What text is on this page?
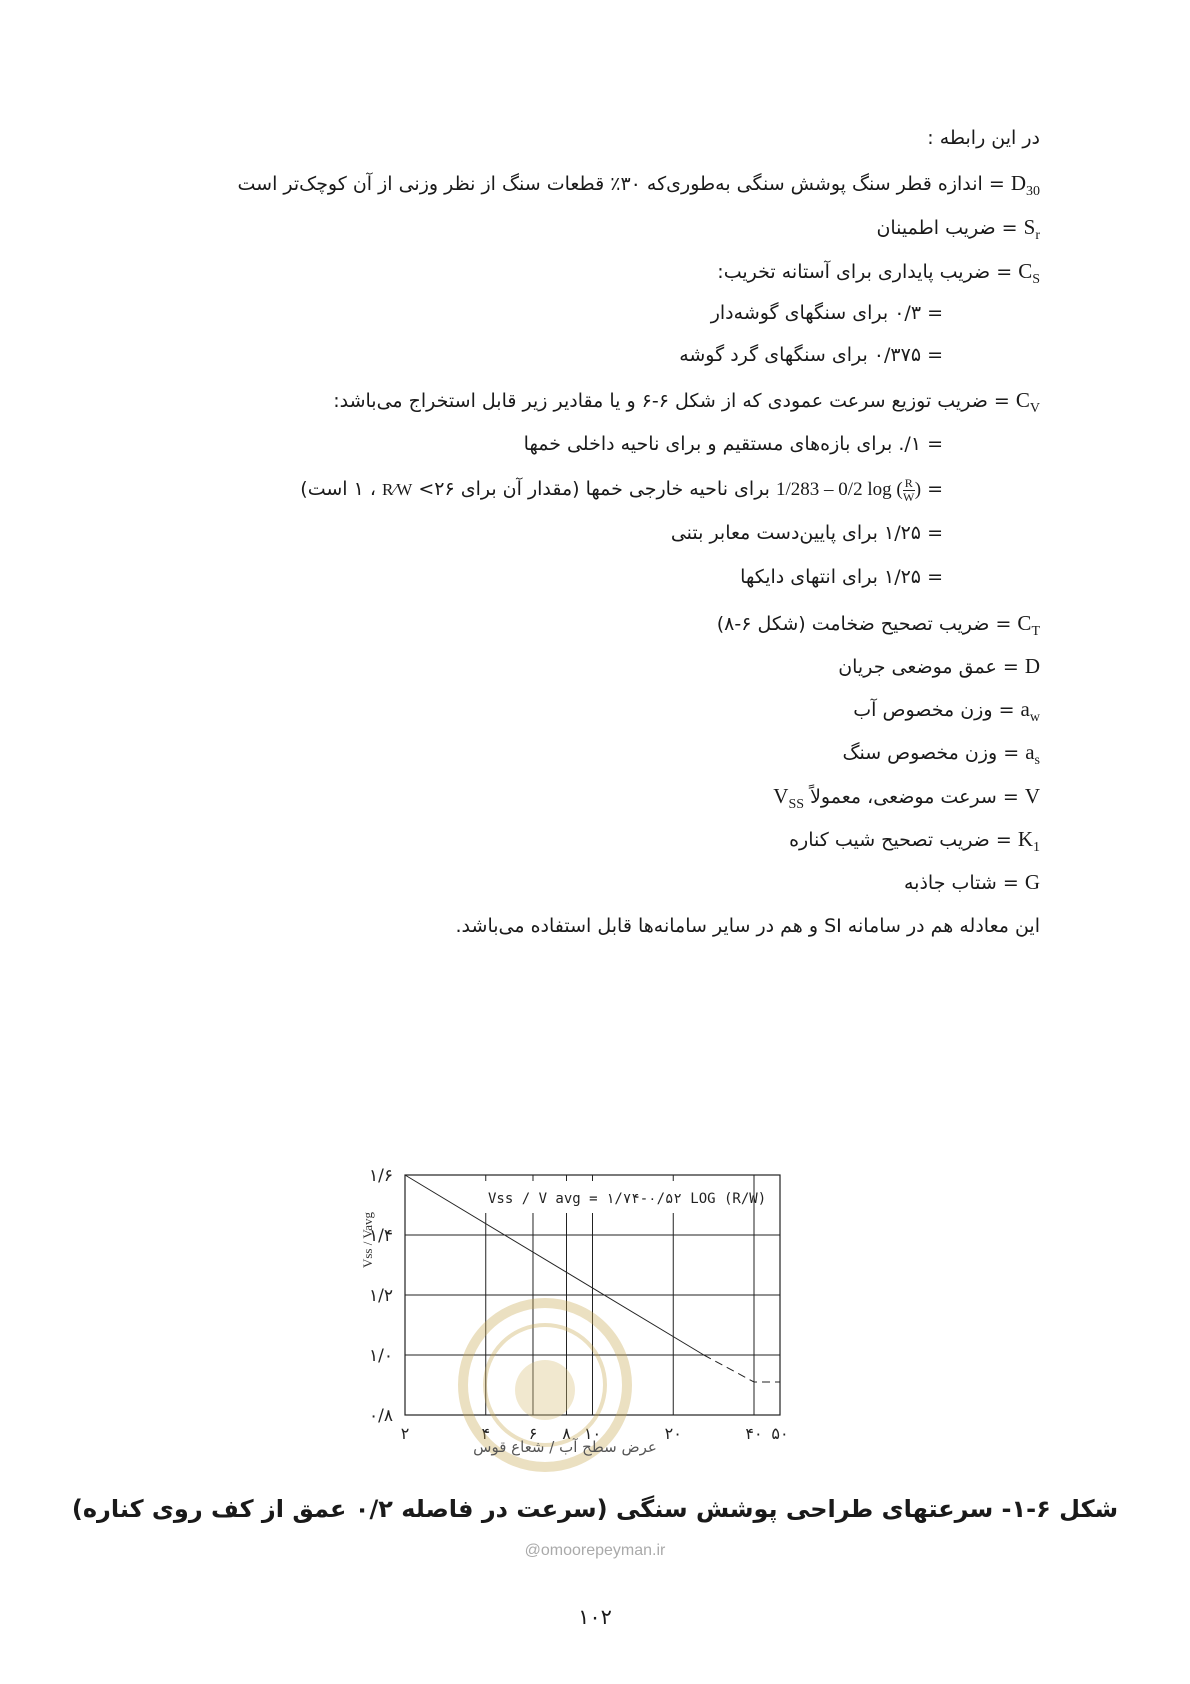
در این رابطه :
$D_{30}$ = اندازه قطر سنگ پوشش سنگی به‌طوری‌که ۳۰٪ قطعات سنگ از نظر وزنی از آن کوچک‌تر است
$S_r$ = ضریب اطمینان
$C_S$ = ضریب پایداری برای آستانه تخریب:
= ۰/۳ برای سنگهای گوشه‌دار
= ۰/۳۷۵ برای سنگهای گرد گوشه
$C_V$ = ضریب توزیع سرعت عمودی که از شکل ۶-۶ و یا مقادیر زیر قابل استخراج می‌باشد:
= ۱/. برای بازه‌های مستقیم و برای ناحیه داخلی خمها
= 1/283 – 0/2 log ( $\frac{R}{W}$ ) برای ناحیه خارجی خمها (مقدار آن برای ۲۶> R⁄W ، ۱ است)
= ۱/۲۵ برای پایین‌دست معابر بتنی
= ۱/۲۵ برای انتهای دایکها
$C_T$ = ضریب تصحیح ضخامت (شکل ۶-۸)
D = عمق موضعی جریان
$a_w$ = وزن مخصوص آب
$a_s$ = وزن مخصوص سنگ
V = سرعت موضعی، معمولاً $V_{SS}$
$K_1$ = ضریب تصحیح شیب کناره
G = شتاب جاذبه
این معادله هم در سامانه SI و هم در سایر سامانه‌ها قابل استفاده می‌باشد.
۰/۸
۱/۰
۱/۲
۱/۴
۱/۶
۲	۴ ۶ ۸ ۱۰	۲۰	۴۰ ۵۰
Vss / V avg = ۱/۷۴-۰/۵۲ LOG (R/W)
عرض سطح آب / شعاع قوس
Vss / Vavg
شکل ۶-۱- سرعتهای طراحی پوشش سنگی (سرعت در فاصله ۰/۲ عمق از کف روی کناره)
@omoorepeyman.ir
۱۰۲
